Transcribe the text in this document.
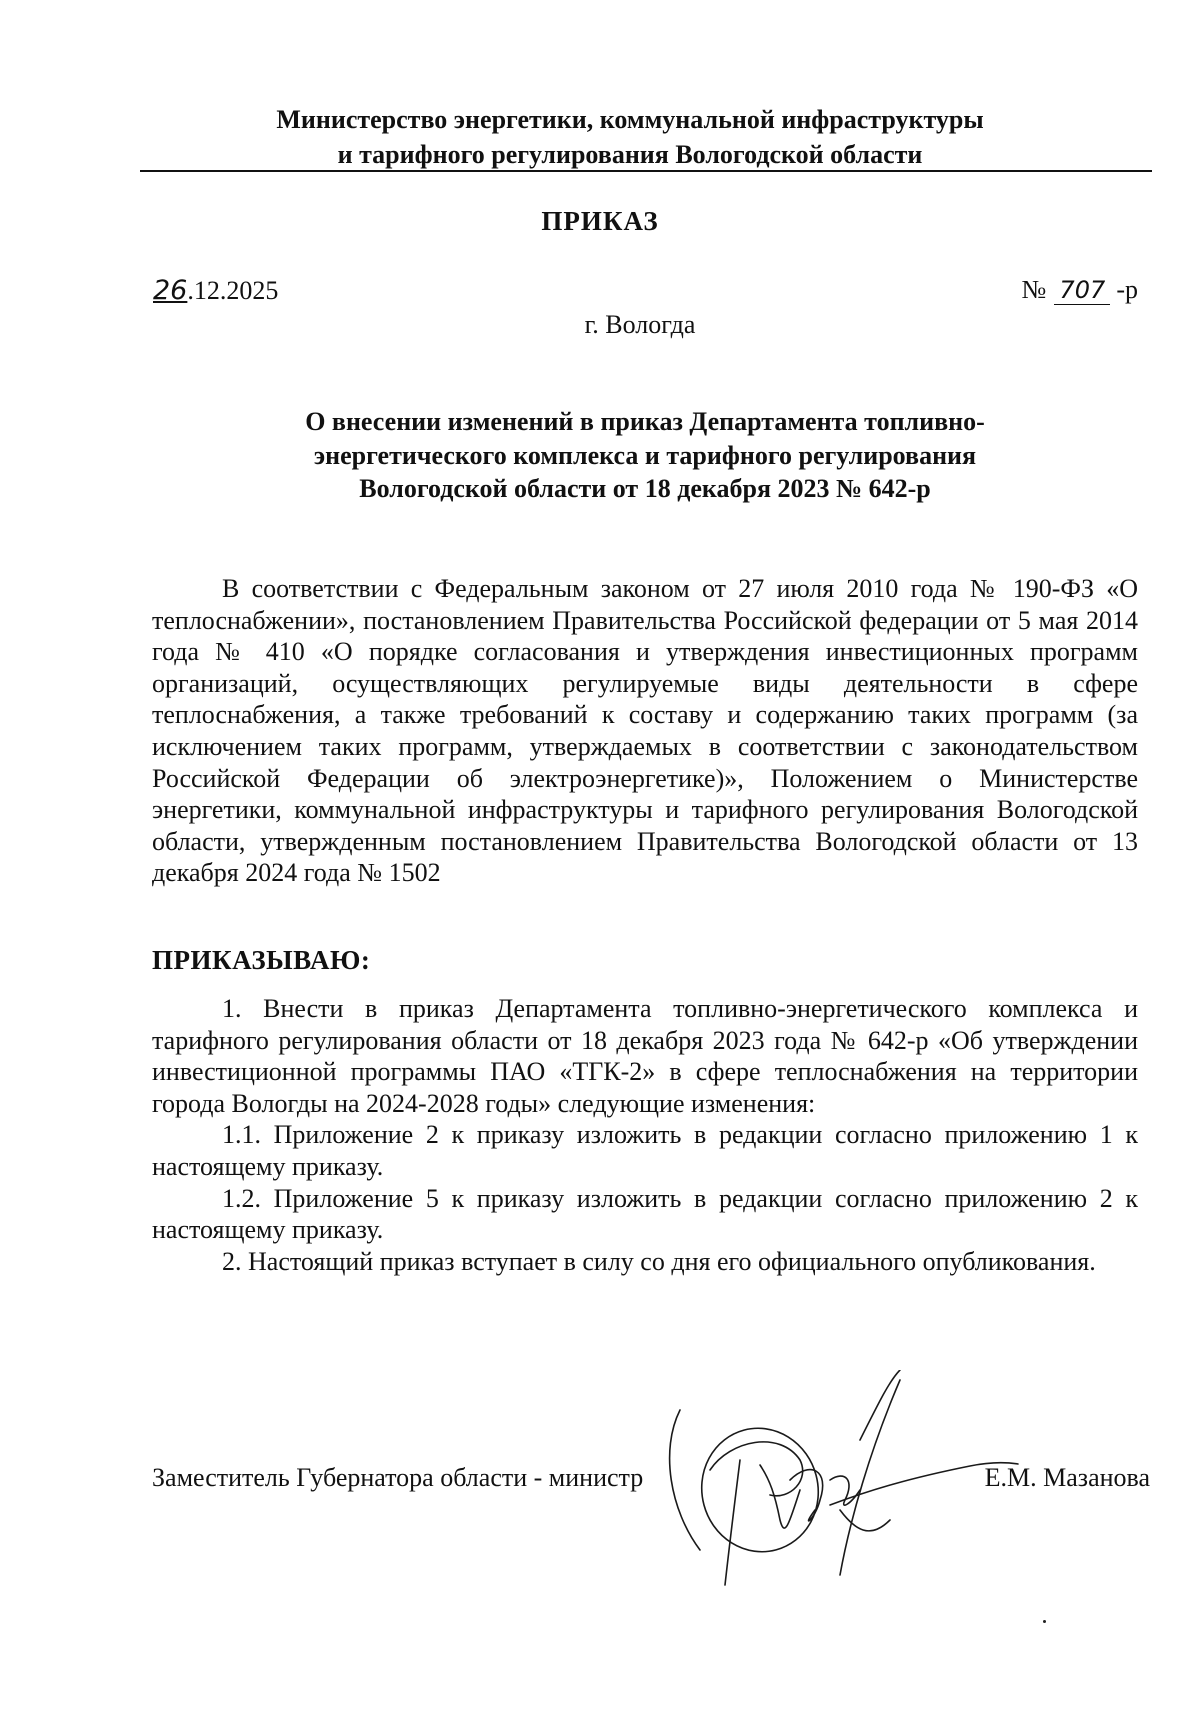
Министерство энергетики, коммунальной инфраструктуры
и тарифного регулирования Вологодской области
ПРИКАЗ
26.12.2025	№ 707 -р
г. Вологда
О внесении изменений в приказ Департамента топливно-
энергетического комплекса и тарифного регулирования
Вологодской области от 18 декабря 2023 № 642-р

В соответствии с Федеральным законом от 27 июля 2010 года № 190-ФЗ «О теплоснабжении», постановлением Правительства Российской федерации от 5 мая 2014 года № 410 «О порядке согласования и утверждения инвестиционных программ организаций, осуществляющих регулируемые виды деятельности в сфере теплоснабжения, а также требований к составу и содержанию таких программ (за исключением таких программ, утверждаемых в соответствии с законодательством Российской Федерации об электроэнергетике)», Положением о Министерстве энергетики, коммунальной инфраструктуры и тарифного регулирования Вологодской области, утвержденным постановлением Правительства Вологодской области от 13 декабря 2024 года № 1502

ПРИКАЗЫВАЮ:

1. Внести в приказ Департамента топливно-энергетического комплекса и тарифного регулирования области от 18 декабря 2023 года № 642-р «Об утверждении инвестиционной программы ПАО «ТГК-2» в сфере теплоснабжения на территории города Вологды на 2024-2028 годы» следующие изменения:

1.1. Приложение 2 к приказу изложить в редакции согласно приложению 1 к настоящему приказу.

1.2. Приложение 5 к приказу изложить в редакции согласно приложению 2 к настоящему приказу.

2. Настоящий приказ вступает в силу со дня его официального опубликования.

Заместитель Губернатора области - министр	Е.М. Мазанова
